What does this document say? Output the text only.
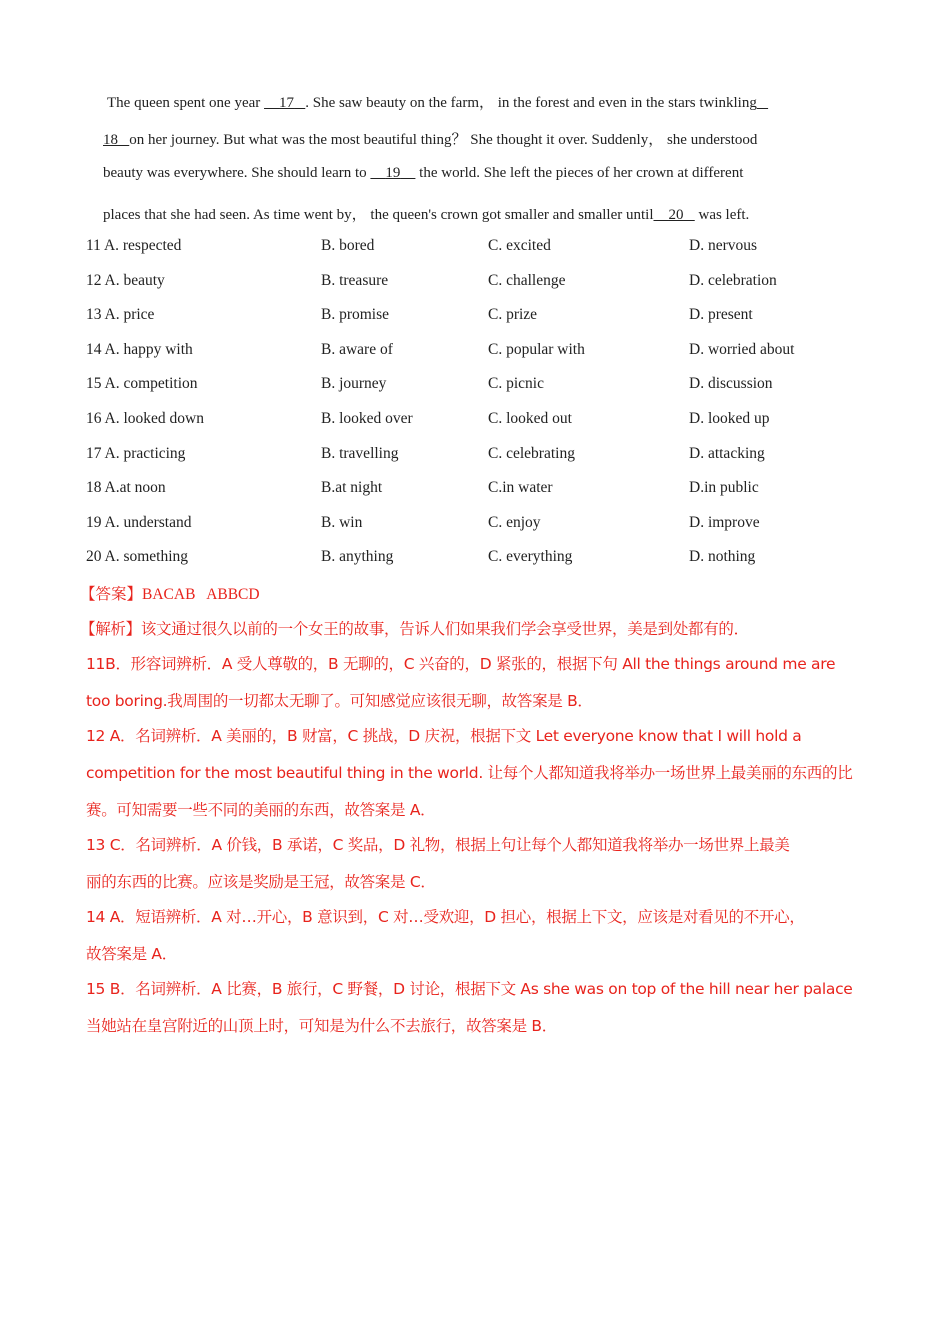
The queen spent one year     17 . She saw beauty on the farm， in the forest and even in the stars twinkling
18 on her journey. But what was the most beautiful thing？ She thought it over. Suddenly， she understood
beauty was everywhere. She should learn to     19     the world. She left the pieces of her crown at different
places that she had seen. As time went by， the queen's crown got smaller and smaller until 20    was left.
11 A. respected	B. bored	C. excited	D. nervous
12 A. beauty	B. treasure	C. challenge	D. celebration
13 A. price	B. promise	C. prize	D. present
14 A. happy with	B. aware of	C. popular with	D. worried about
15 A. competition	B. journey	C. picnic	D. discussion
16 A. looked down	B. looked over	C. looked out	D. looked up
17 A. practicing	B. travelling	C. celebrating	D. attacking
18 A.at noon	B.at night	C.in water	D.in public
19 A. understand	B. win	C. enjoy	D. improve
20 A. something	B. anything	C. everything	D. nothing
【答案】BACAB   ABBCD
【解析】该文通过很久以前的一个女王的故事，告诉人们如果我们学会享受世界，美是到处都有的．
11B．形容词辨析．A 受人尊敬的，B 无聊的，C 兴奋的，D 紧张的，根据下句 All the things around me are
too boring.我周围的一切都太无聊了。可知感觉应该很无聊，故答案是 B．
12 A．名词辨析．A 美丽的，B 财富，C 挑战，D 庆祝，根据下文 Let everyone know that I will hold a
competition for the most beautiful thing in the world. 让每个人都知道我将举办一场世界上最美丽的东西的比
赛。可知需要一些不同的美丽的东西，故答案是 A．
13 C．名词辨析．A 价钱，B 承诺，C 奖品，D 礼物，根据上句让每个人都知道我将举办一场世界上最美
丽的东西的比赛。应该是奖励是王冠，故答案是 C．
14 A．短语辨析．A 对…开心，B 意识到，C 对…受欢迎，D 担心，根据上下文，应该是对看见的不开心，
故答案是 A．
15 B．名词辨析．A 比赛，B 旅行，C 野餐，D 讨论，根据下文 As she was on top of the hill near her palace
当她站在皇宫附近的山顶上时，可知是为什么不去旅行，故答案是 B．
